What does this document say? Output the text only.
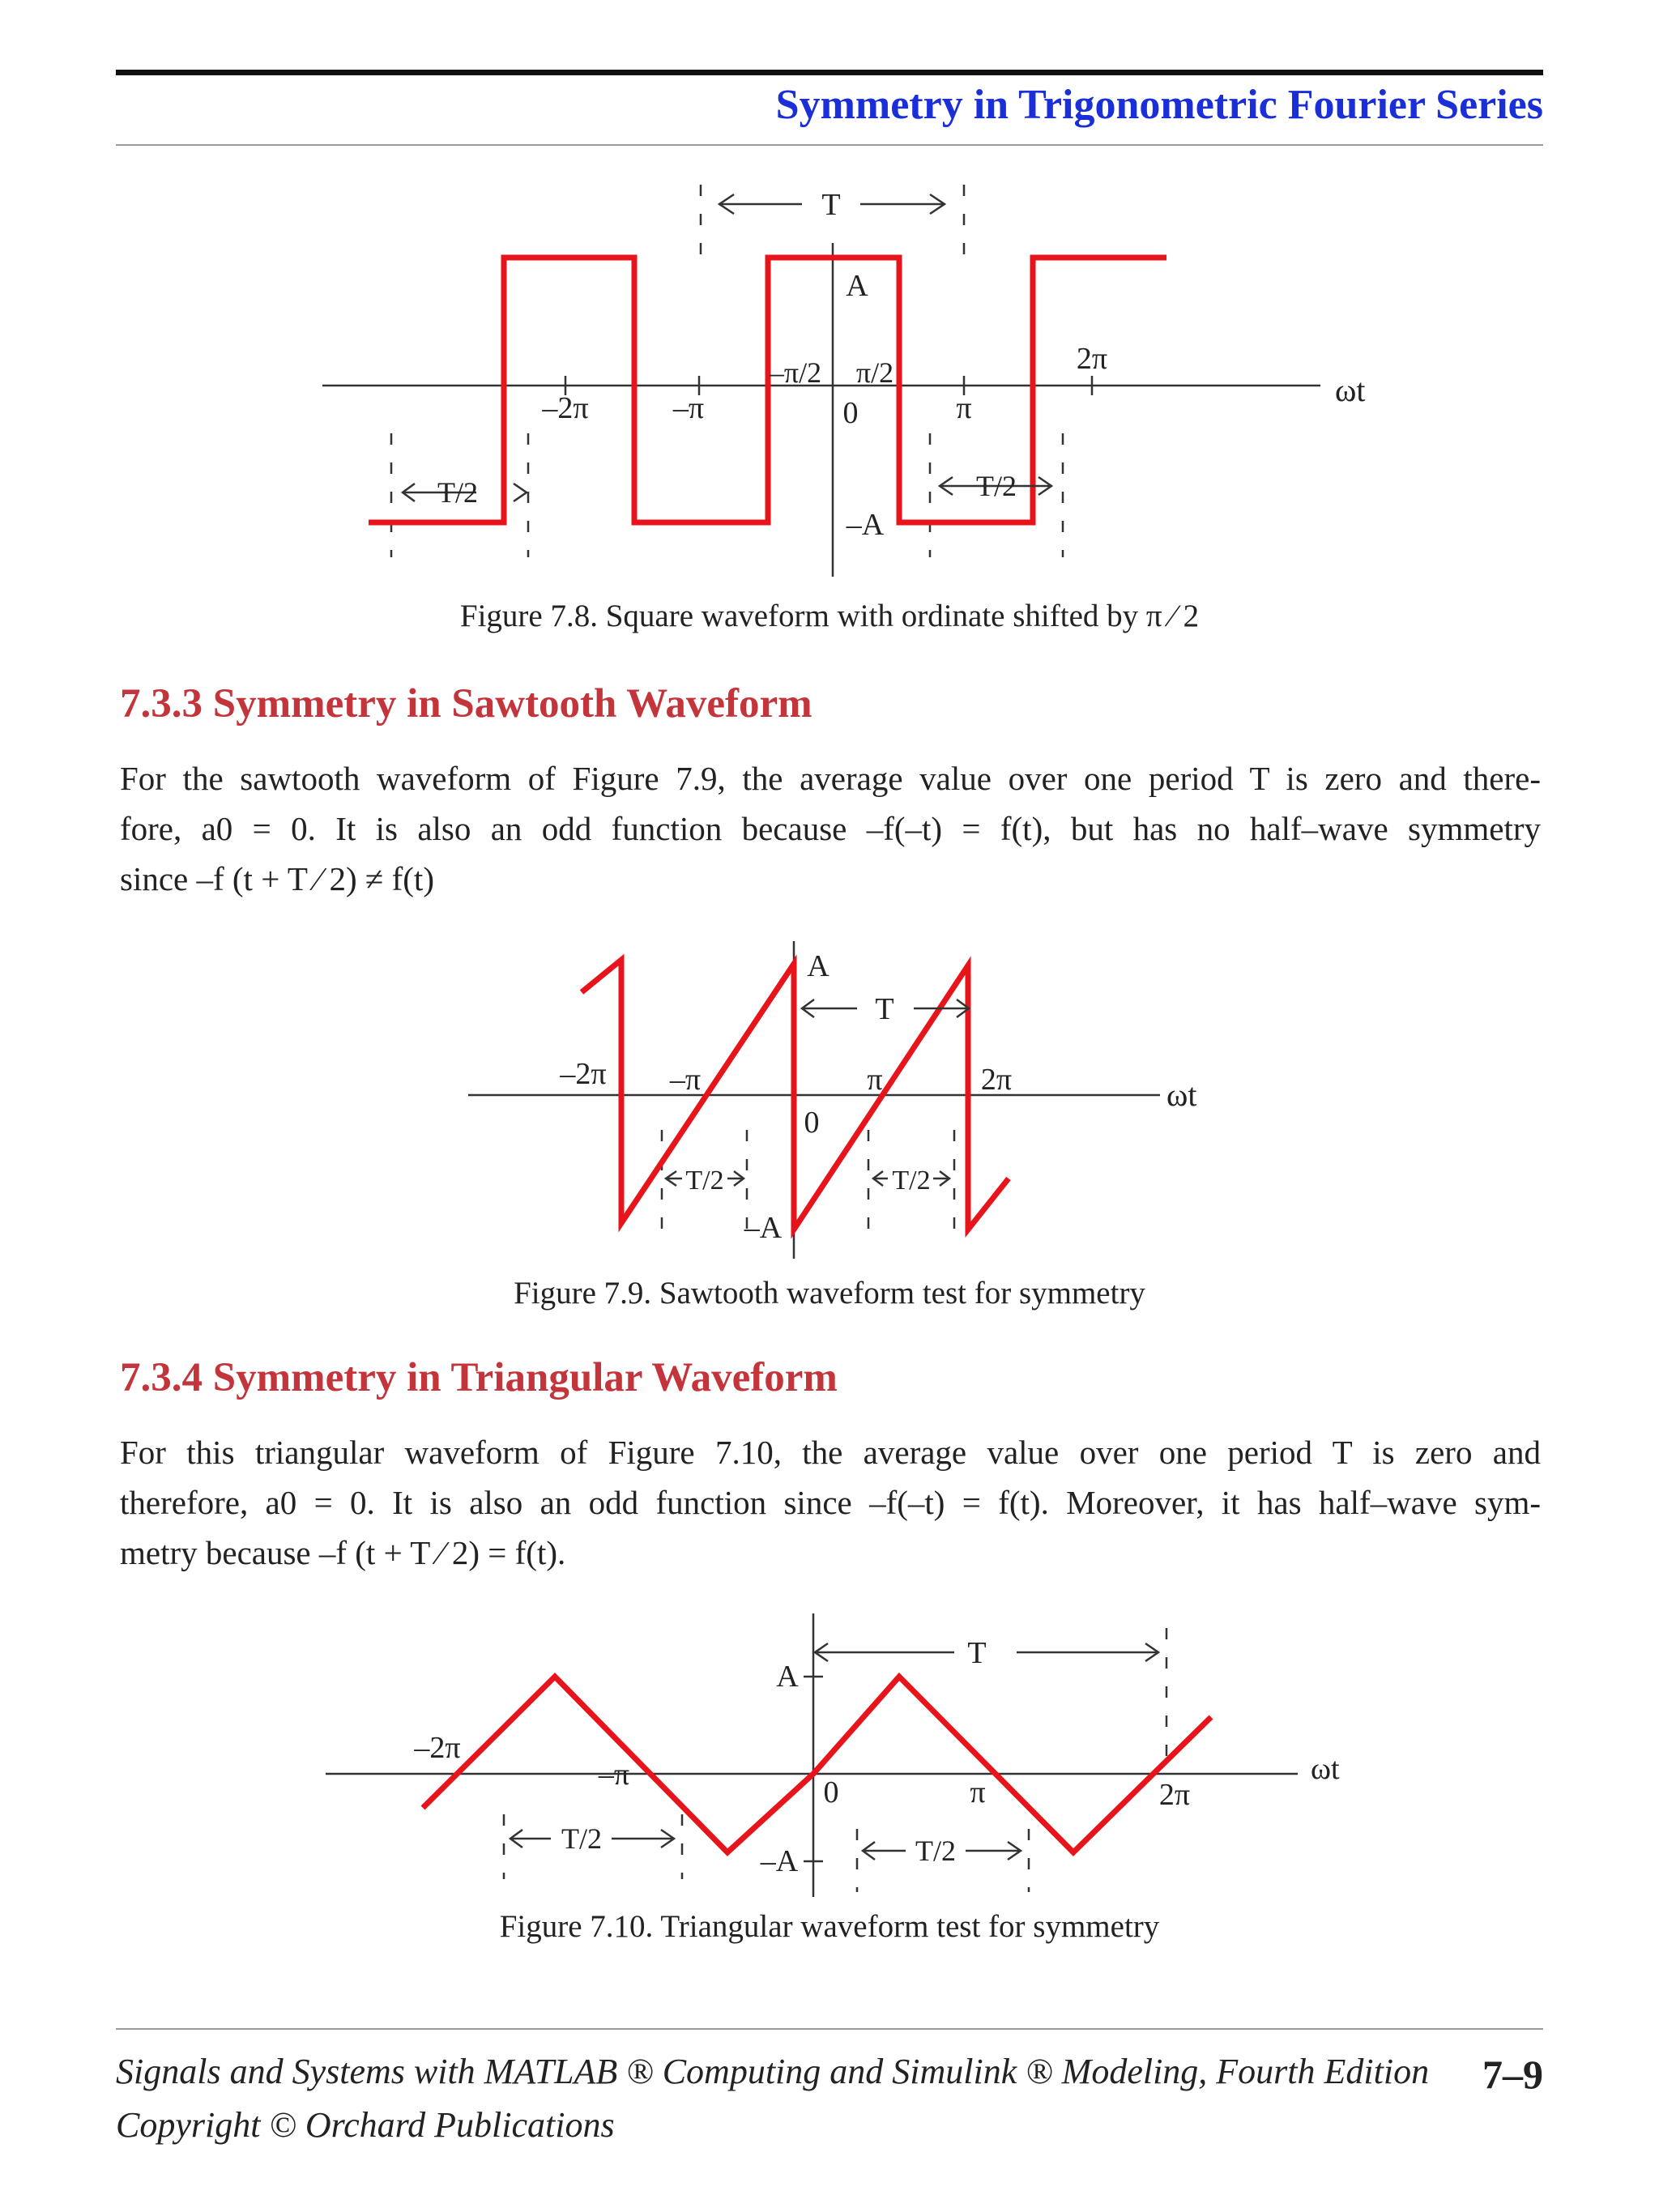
Symmetry in Trigonometric Fourier Series
T
A
–π/2 π/2	2π
–2π	–π	0	π	ωt
T/2	T/2
–A
Figure 7.8. Square waveform with ordinate shifted by π ⁄ 2
7.3.3 Symmetry in Sawtooth Waveform
For the sawtooth waveform of Figure 7.9, the average value over one period T is zero and there-
fore, a0 = 0. It is also an odd function because –f(–t) = f(t), but has no half–wave symmetry
since –f (t + T ⁄ 2) ≠ f(t)
A
T
–2π –π	π	2π	ωt
0
T/2	T/2
–A
Figure 7.9. Sawtooth waveform test for symmetry
7.3.4 Symmetry in Triangular Waveform
For this triangular waveform of Figure 7.10, the average value over one period T is zero and
therefore, a0 = 0. It is also an odd function since –f(–t) = f(t). Moreover, it has half–wave sym-
metry because –f (t + T ⁄ 2) = f(t).
T
A
–2π
–π
0	π	2π
ωt
T/2	T/2
–A
Figure 7.10. Triangular waveform test for symmetry
Signals and Systems with MATLAB ® Computing and Simulink ® Modeling, Fourth Edition
Copyright © Orchard Publications
7–9
